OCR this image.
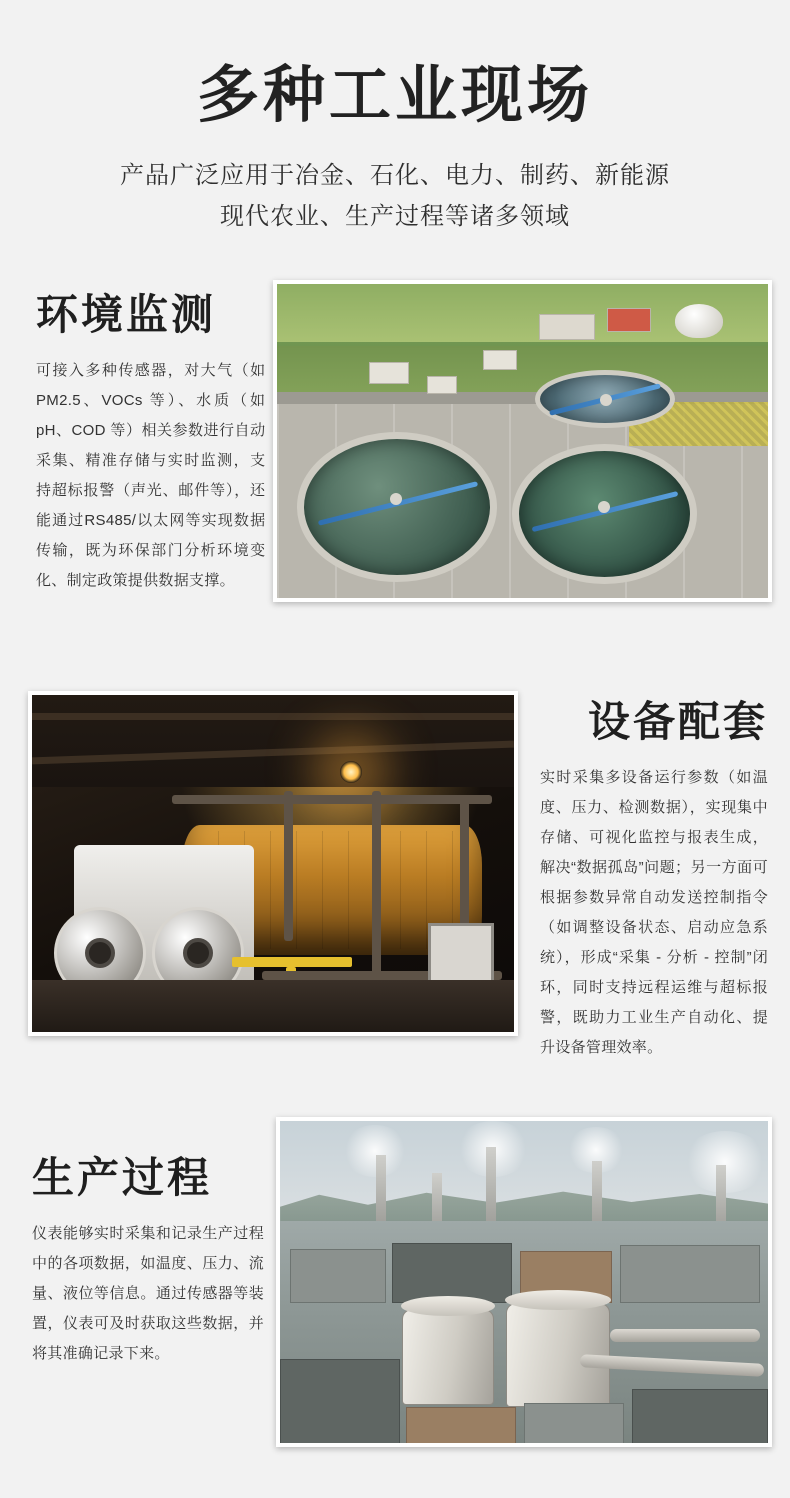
多种工业现场
产品广泛应用于冶金、石化、电力、制药、新能源
现代农业、生产过程等诸多领域
环境监测
可接入多种传感器，对大气（如 PM2.5、VOCs 等）、水质（如 pH、COD 等）相关参数进行自动采集、精准存储与实时监测，支持超标报警（声光、邮件等），还能通过RS485/以太网等实现数据传输，既为环保部门分析环境变化、制定政策提供数据支撑。
设备配套
实时采集多设备运行参数（如温度、压力、检测数据），实现集中存储、可视化监控与报表生成，解决“数据孤岛”问题；另一方面可根据参数异常自动发送控制指令（如调整设备状态、启动应急系统），形成“采集 - 分析 - 控制”闭环，同时支持远程运维与超标报警，既助力工业生产自动化、提升设备管理效率。
生产过程
仪表能够实时采集和记录生产过程中的各项数据，如温度、压力、流量、液位等信息。通过传感器等装置，仪表可及时获取这些数据，并将其准确记录下来。
